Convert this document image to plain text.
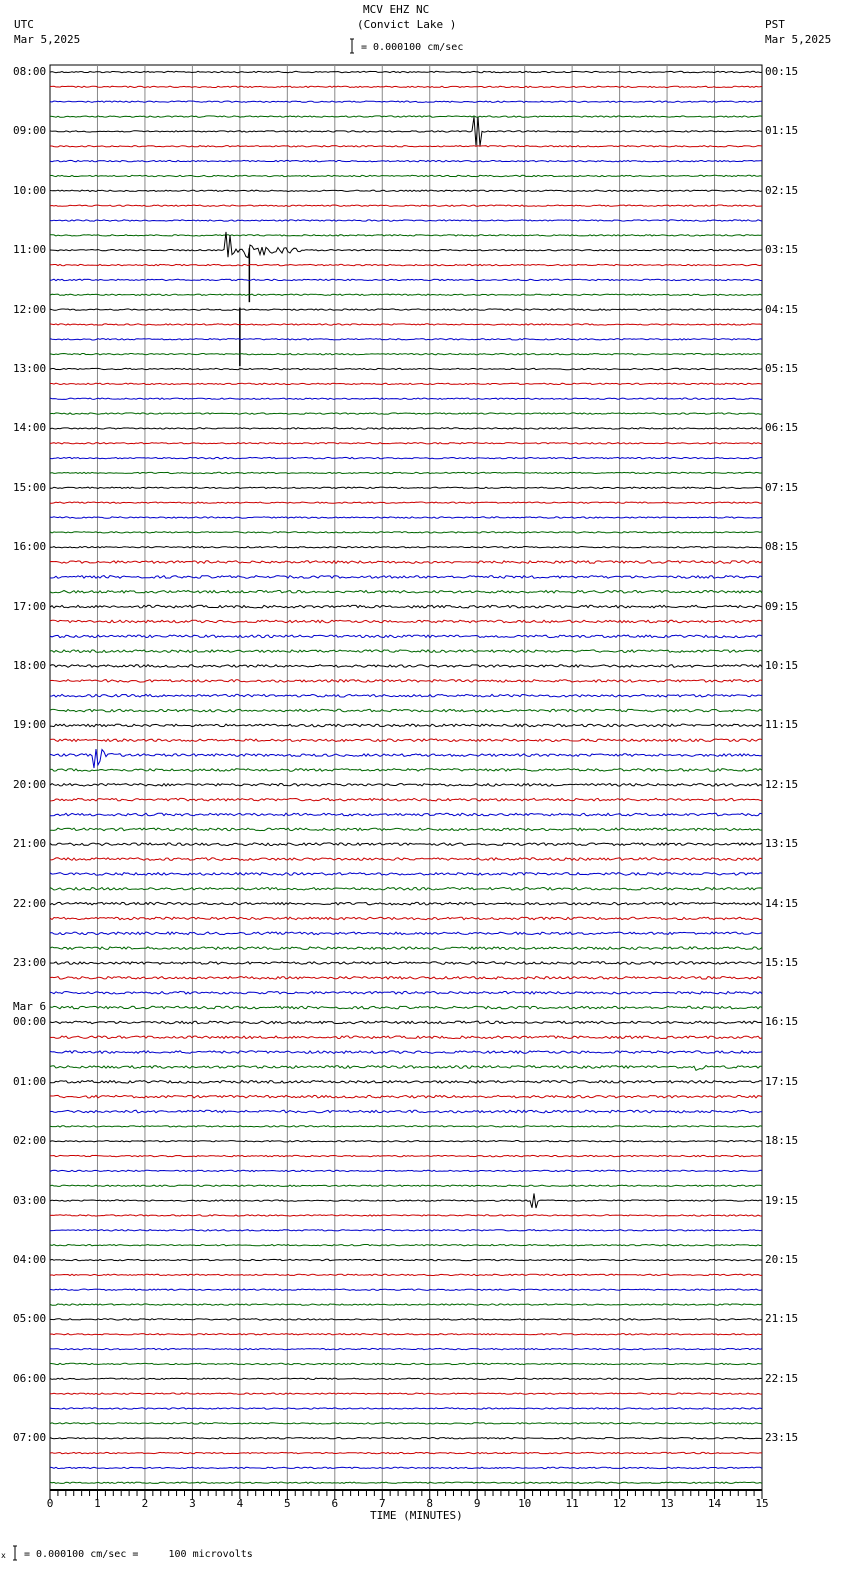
MCV EHZ NC
(Convict Lake )
UTC
Mar 5,2025
PST
Mar 5,2025
= 0.000100 cm/sec
TIME (MINUTES)
x = 0.000100 cm/sec =     100 microvolts
08:00	00:15
09:00	01:15
10:00	02:15
11:00	03:15
12:00	04:15
13:00	05:15
14:00	06:15
15:00	07:15
16:00	08:15
17:00	09:15
18:00	10:15
19:00	11:15
20:00	12:15
21:00	13:15
22:00	14:15
23:00	15:15
00:00	16:15
Mar 6
01:00	17:15
02:00	18:15
03:00	19:15
04:00	20:15
05:00	21:15
06:00	22:15
07:00	23:15
0	1	2	3	4	5	6	7	8	9	10	11	12	13	14	15
